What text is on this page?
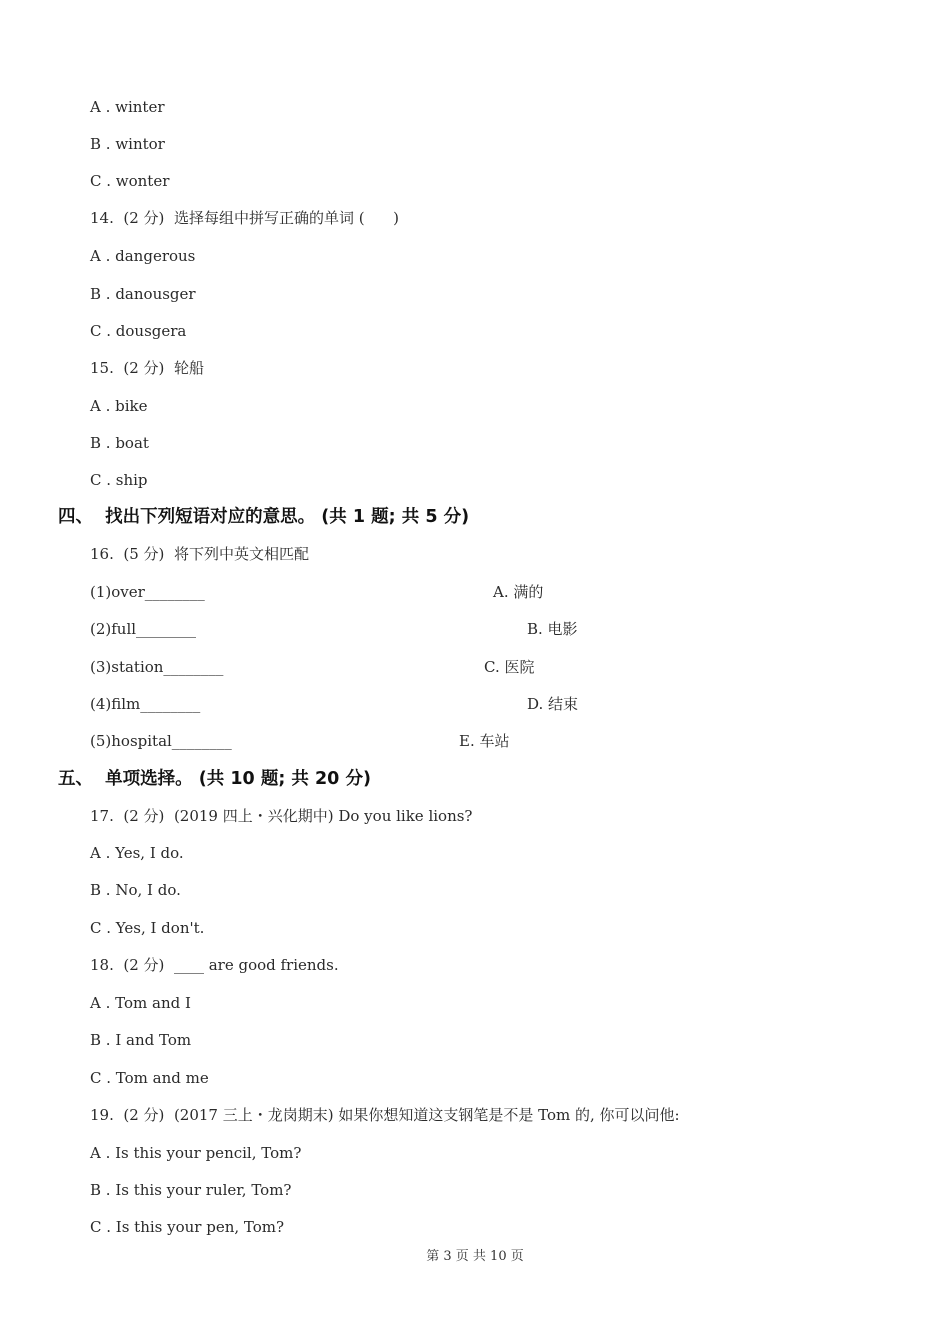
A . winter
B . wintor
C . wonter
14.  (2 分)  选择每组中拼写正确的单词 (      )
A . dangerous
B . danousger
C . dousgera
15.  (2 分)  轮船
A . bike
B . boat
C . ship
四、  找出下列短语对应的意思。 (共 1 题; 共 5 分)
16.  (5 分)  将下列中英文相匹配
(1)over________	A. 满的
(2)full________	B. 电影
(3)station________	C. 医院
(4)film________	D. 结束
(5)hospital________	E. 车站
五、  单项选择。 (共 10 题; 共 20 分)
17.  (2 分)  (2019 四上・兴化期中) Do you like lions?
A . Yes, I do.
B . No, I do.
C . Yes, I don't.
18.  (2 分)  ____ are good friends.
A . Tom and I
B . I and Tom
C . Tom and me
19.  (2 分)  (2017 三上・龙岗期末) 如果你想知道这支钢笔是不是 Tom 的, 你可以问他:
A . Is this your pencil, Tom?
B . Is this your ruler, Tom?
C . Is this your pen, Tom?
第 3 页 共 10 页
